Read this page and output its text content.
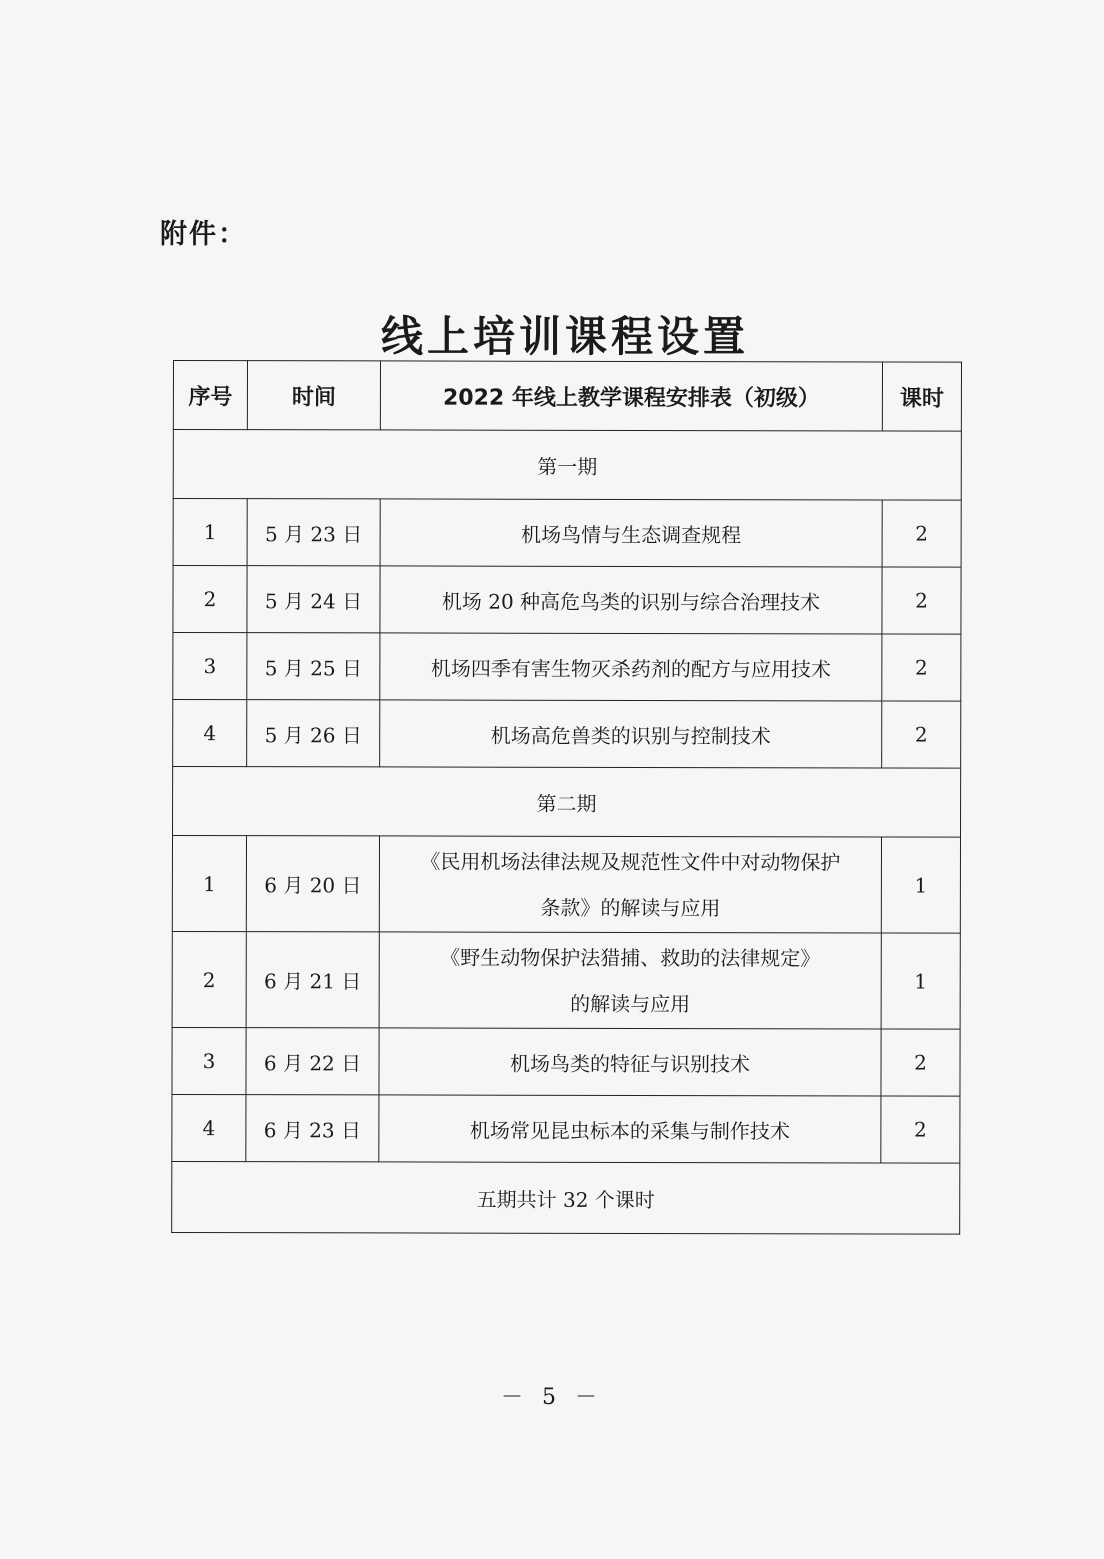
附件：
线上培训课程设置
序号	时间	2022 年线上教学课程安排表（初级）	课时
第一期			
1	5 月 23 日	机场鸟情与生态调查规程	2
2	5 月 24 日	机场 20 种高危鸟类的识别与综合治理技术	2
3	5 月 25 日	机场四季有害生物灭杀药剂的配方与应用技术	2
4	5 月 26 日	机场高危兽类的识别与控制技术	2
第二期			
1	6 月 20 日	《民用机场法律法规及规范性文件中对动物保护
条款》的解读与应用	1
2	6 月 21 日	《野生动物保护法猎捕、救助的法律规定》
的解读与应用	1
3	6 月 22 日	机场鸟类的特征与识别技术	2
4	6 月 23 日	机场常见昆虫标本的采集与制作技术	2
五期共计 32 个课时			
－ 5 －
